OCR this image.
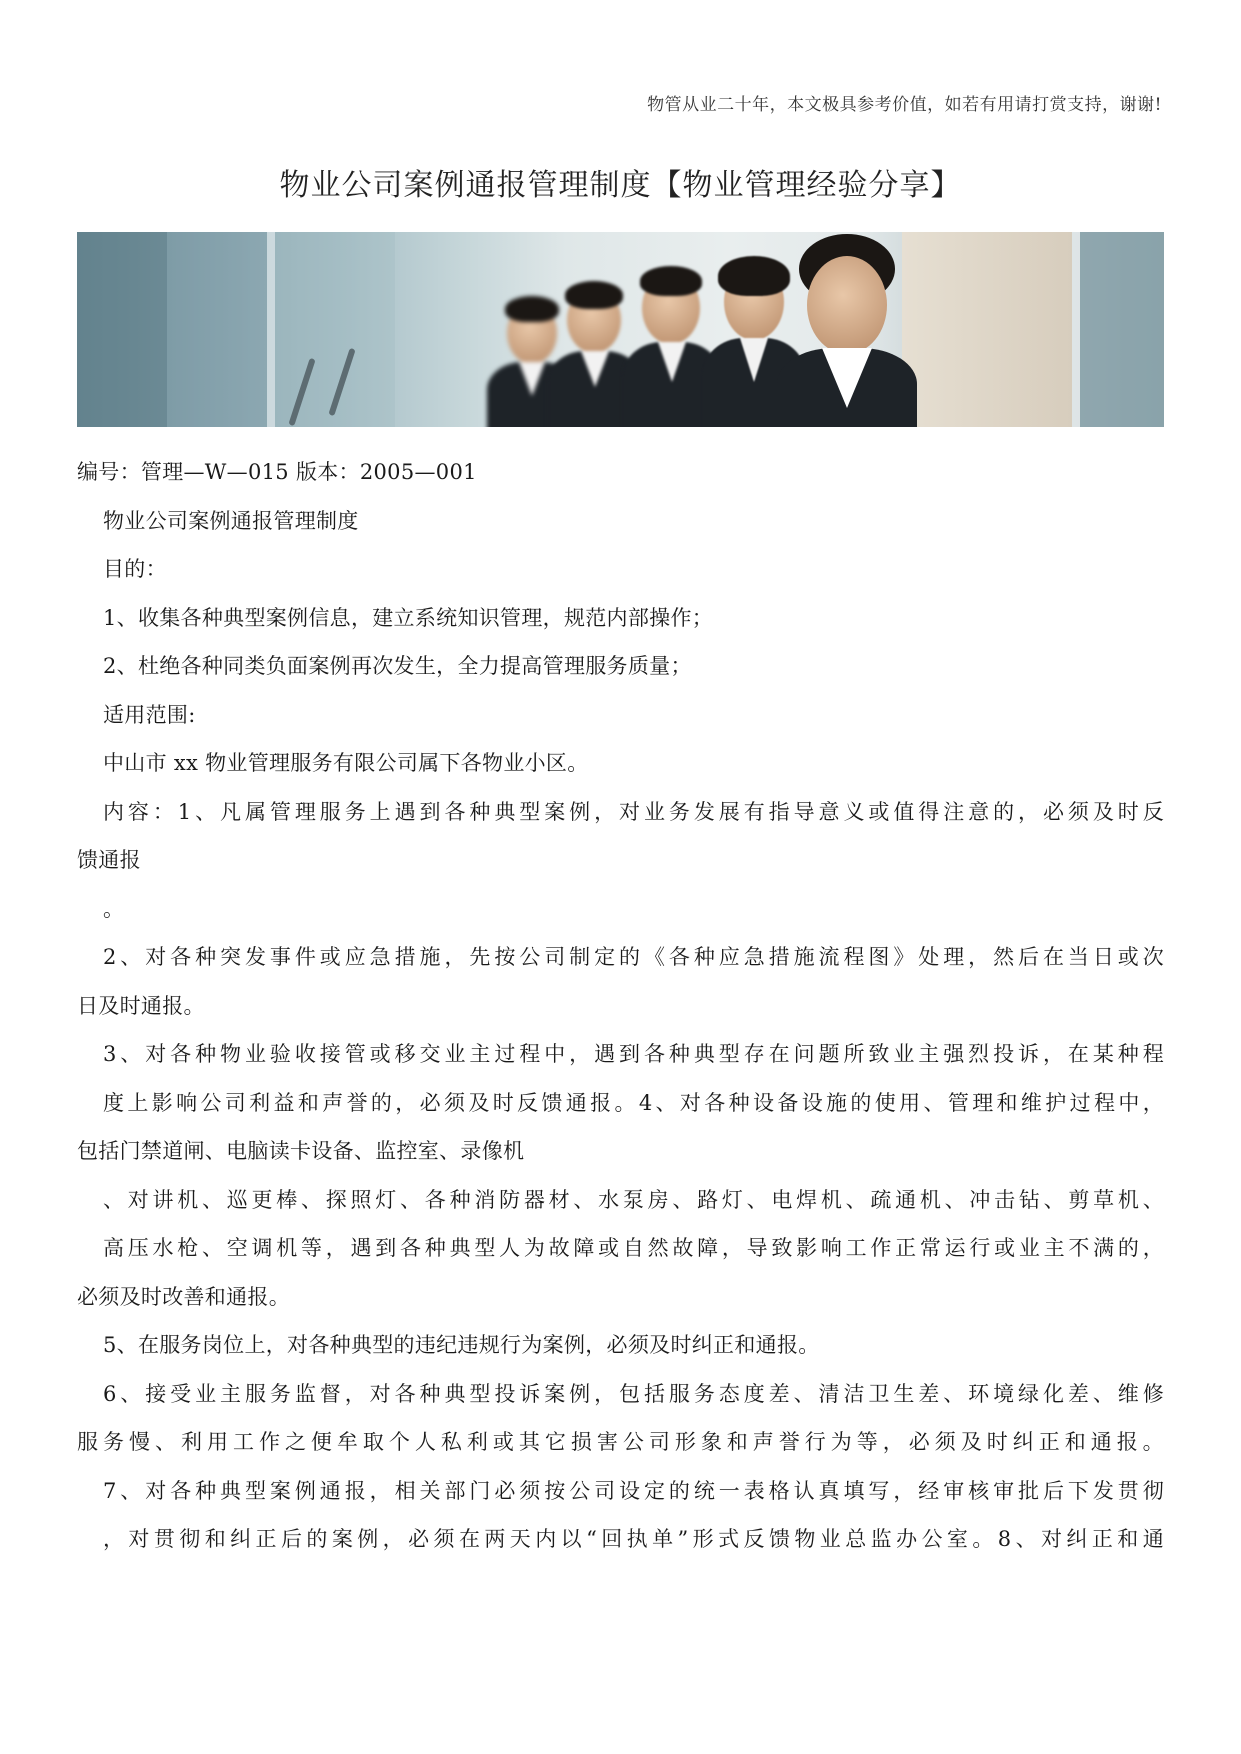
物管从业二十年，本文极具参考价值，如若有用请打赏支持，谢谢!
物业公司案例通报管理制度【物业管理经验分享】

编号：管理—W—015 版本：2005—001

物业公司案例通报管理制度

目的：

1、收集各种典型案例信息，建立系统知识管理，规范内部操作；

2、杜绝各种同类负面案例再次发生，全力提高管理服务质量；

适用范围:

中山市 xx 物业管理服务有限公司属下各物业小区。

内容：1、凡属管理服务上遇到各种典型案例，对业务发展有指导意义或值得注意的，必须及时反

馈通报

。

2、对各种突发事件或应急措施，先按公司制定的《各种应急措施流程图》处理，然后在当日或次

日及时通报。

3、对各种物业验收接管或移交业主过程中，遇到各种典型存在问题所致业主强烈投诉，在某种程

度上影响公司利益和声誉的，必须及时反馈通报。4、对各种设备设施的使用、管理和维护过程中，

包括门禁道闸、电脑读卡设备、监控室、录像机

、对讲机、巡更棒、探照灯、各种消防器材、水泵房、路灯、电焊机、疏通机、冲击钻、剪草机、

高压水枪、空调机等，遇到各种典型人为故障或自然故障，导致影响工作正常运行或业主不满的，

必须及时改善和通报。

5、在服务岗位上，对各种典型的违纪违规行为案例，必须及时纠正和通报。

6、接受业主服务监督，对各种典型投诉案例，包括服务态度差、清洁卫生差、环境绿化差、维修

服务慢、利用工作之便牟取个人私利或其它损害公司形象和声誉行为等，必须及时纠正和通报。

7、对各种典型案例通报，相关部门必须按公司设定的统一表格认真填写，经审核审批后下发贯彻

，对贯彻和纠正后的案例，必须在两天内以“回执单”形式反馈物业总监办公室。8、对纠正和通
